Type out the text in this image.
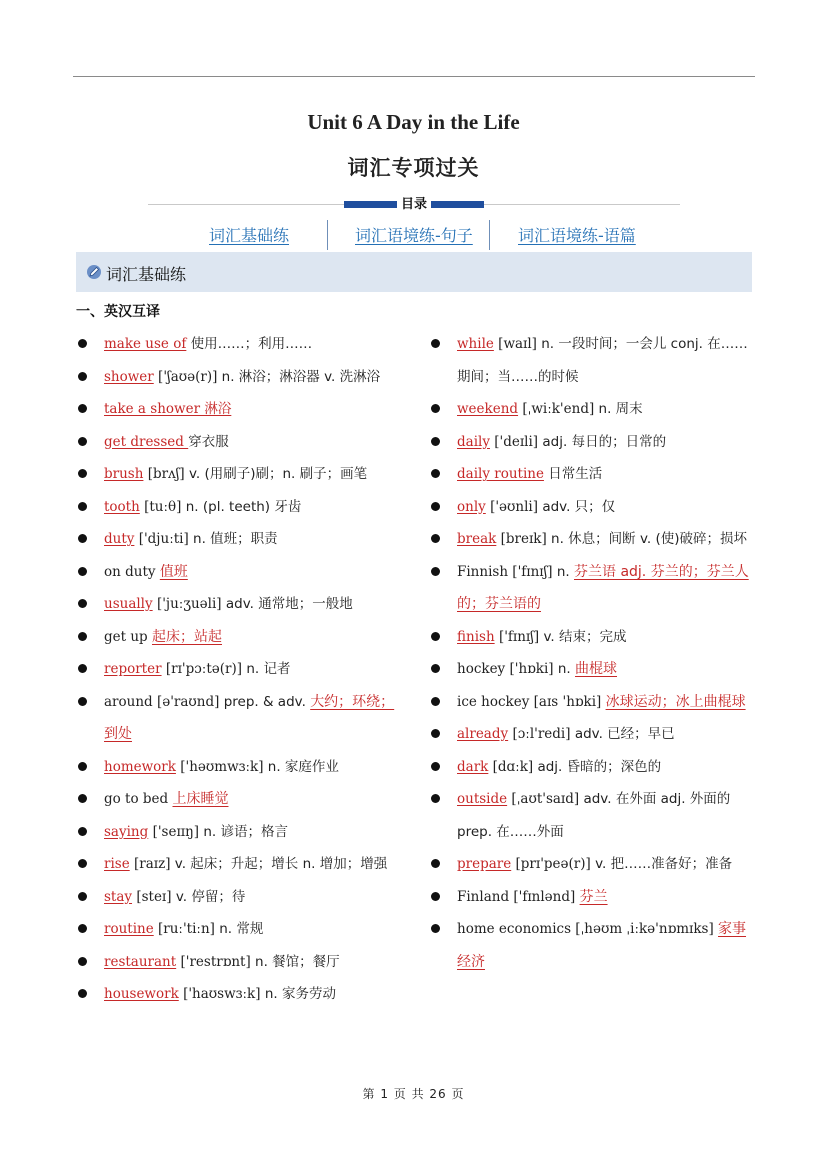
Unit 6 A Day in the Life
词汇专项过关
目录
词汇基础练	词汇语境练-句子	词汇语境练-语篇
词汇基础练
一、英汉互译
make use of 使用……；利用……
shower ['ʃaʊə(r)] n. 淋浴；淋浴器 v. 洗淋浴
take a shower 淋浴
get dressed 穿衣服
brush [brʌʃ] v. (用刷子)刷；n. 刷子；画笔
tooth [tuːθ] n. (pl. teeth) 牙齿
duty ['djuːti] n. 值班；职责
on duty 值班
usually ['juːʒuəli] adv. 通常地；一般地
get up 起床；站起
reporter [rɪ'pɔːtə(r)] n. 记者
around [ə'raʊnd] prep. & adv. 大约；环绕；到处
homework ['həʊmwɜːk] n. 家庭作业
go to bed 上床睡觉
saying ['seɪɪŋ] n. 谚语；格言
rise [raɪz] v. 起床；升起；增长 n. 增加；增强
stay [steɪ] v. 停留；待
routine [ruː'tiːn] n. 常规
restaurant ['restrɒnt] n. 餐馆；餐厅
housework ['haʊswɜːk] n. 家务劳动
while [waɪl] n. 一段时间；一会儿 conj. 在……期间；当……的时候
weekend [ˌwiːk'end] n. 周末
daily ['deɪli] adj. 每日的；日常的
daily routine 日常生活
only ['əʊnli] adv. 只；仅
break [breɪk] n. 休息；间断 v. (使)破碎；损坏
Finnish ['fɪnɪʃ] n. 芬兰语 adj. 芬兰的；芬兰人的；芬兰语的
finish ['fɪnɪʃ] v. 结束；完成
hockey ['hɒki] n. 曲棍球
ice hockey [aɪs 'hɒki] 冰球运动；冰上曲棍球
already [ɔːl'redi] adv. 已经；早已
dark [dɑːk] adj. 昏暗的；深色的
outside [ˌaʊt'saɪd] adv. 在外面 adj. 外面的 prep. 在……外面
prepare [prɪ'peə(r)] v. 把……准备好；准备
Finland ['fɪnlənd] 芬兰
home economics [ˌhəʊm ˌiːkə'nɒmɪks] 家事经济
第 1 页 共 26 页
